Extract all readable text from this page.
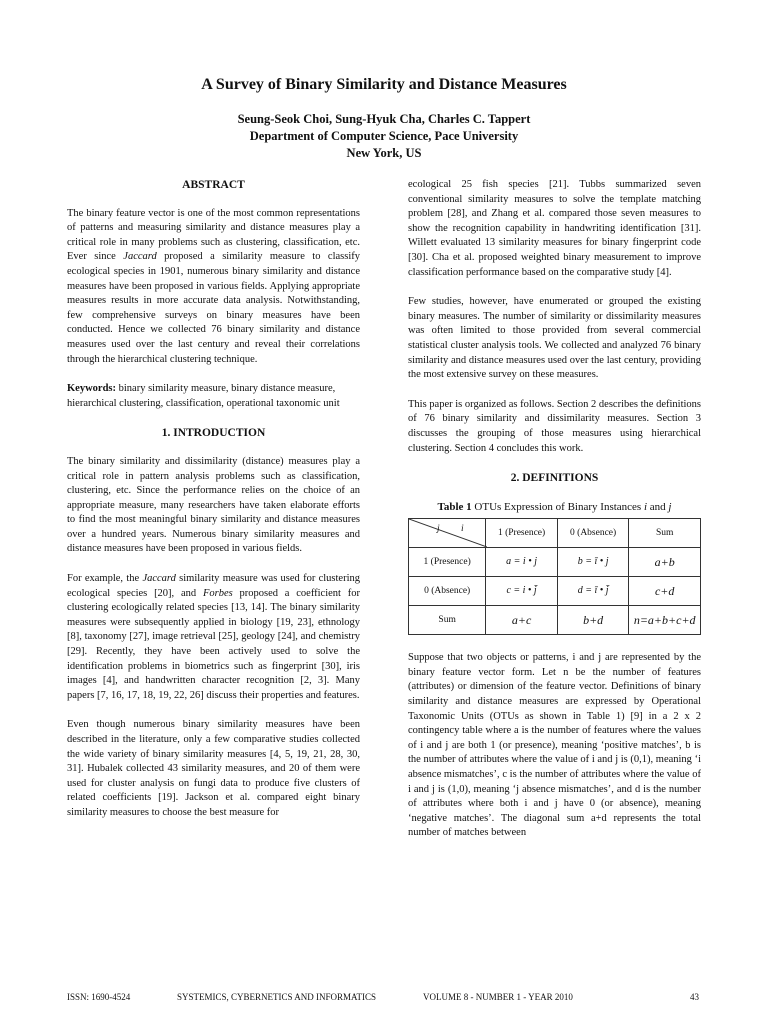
A Survey of Binary Similarity and Distance Measures
Seung-Seok Choi, Sung-Hyuk Cha, Charles C. Tappert
Department of Computer Science, Pace University
New York, US
ABSTRACT

The binary feature vector is one of the most common representations of patterns and measuring similarity and distance measures play a critical role in many problems such as clustering, classification, etc. Ever since Jaccard proposed a similarity measure to classify ecological species in 1901, numerous binary similarity and distance measures have been proposed in various fields. Applying appropriate measures results in more accurate data analysis. Notwithstanding, few comprehensive surveys on binary measures have been conducted. Hence we collected 76 binary similarity and distance measures used over the last century and reveal their correlations through the hierarchical clustering technique.

Keywords: binary similarity measure, binary distance measure, hierarchical clustering, classification, operational taxonomic unit

1. INTRODUCTION

The binary similarity and dissimilarity (distance) measures play a critical role in pattern analysis problems such as classification, clustering, etc. Since the performance relies on the choice of an appropriate measure, many researchers have taken elaborate efforts to find the most meaningful binary similarity and distance measures over a hundred years. Numerous binary similarity measures and distance measures have been proposed in various fields.

For example, the Jaccard similarity measure was used for clustering ecological species [20], and Forbes proposed a coefficient for clustering ecologically related species [13, 14]. The binary similarity measures were subsequently applied in biology [19, 23], ethnology [8], taxonomy [27], image retrieval [25], geology [24], and chemistry [29]. Recently, they have been actively used to solve the identification problems in biometrics such as fingerprint [30], iris images [4], and handwritten character recognition [2, 3]. Many papers [7, 16, 17, 18, 19, 22, 26] discuss their properties and features.

Even though numerous binary similarity measures have been described in the literature, only a few comparative studies collected the wide variety of binary similarity measures [4, 5, 19, 21, 28, 30, 31]. Hubalek collected 43 similarity measures, and 20 of them were used for cluster analysis on fungi data to produce five clusters of related coefficients [19]. Jackson et al. compared eight binary similarity measures to choose the best measure for

ecological 25 fish species [21]. Tubbs summarized seven conventional similarity measures to solve the template matching problem [28], and Zhang et al. compared those seven measures to show the recognition capability in handwriting identification [31]. Willett evaluated 13 similarity measures for binary fingerprint code [30]. Cha et al. proposed weighted binary measurement to improve classification performance based on the comparative study [4].

Few studies, however, have enumerated or grouped the existing binary measures. The number of similarity or dissimilarity measures was often limited to those provided from several commercial statistical cluster analysis tools. We collected and analyzed 76 binary similarity and distance measures used over the last century, providing the most extensive survey on these measures.

This paper is organized as follows. Section 2 describes the definitions of 76 binary similarity and dissimilarity measures. Section 3 discusses the grouping of those measures using hierarchical clustering. Section 4 concludes this work.

2. DEFINITIONS
Table 1 OTUs Expression of Binary Instances i and j
j i	1 (Presence)	0 (Absence)	Sum
1 (Presence)	a = i • j	b = ī • j	a+b
0 (Absence)	c = i • j̄	d = ī • j̄	c+d
Sum	a+c	b+d	n=a+b+c+d

Suppose that two objects or patterns, i and j are represented by the binary feature vector form. Let n be the number of features (attributes) or dimension of the feature vector. Definitions of binary similarity and distance measures are expressed by Operational Taxonomic Units (OTUs as shown in Table 1) [9] in a 2 x 2 contingency table where a is the number of features where the values of i and j are both 1 (or presence), meaning ‘positive matches’, b is the number of attributes where the value of i and j is (0,1), meaning ‘i absence mismatches’, c is the number of attributes where the value of i and j is (1,0), meaning ‘j absence mismatches’, and d is the number of attributes where both i and j have 0 (or absence), meaning ‘negative matches’. The diagonal sum a+d represents the total number of matches between

ISSN: 1690-4524	SYSTEMICS, CYBERNETICS AND INFORMATICS	VOLUME 8 - NUMBER 1 - YEAR 2010	43
